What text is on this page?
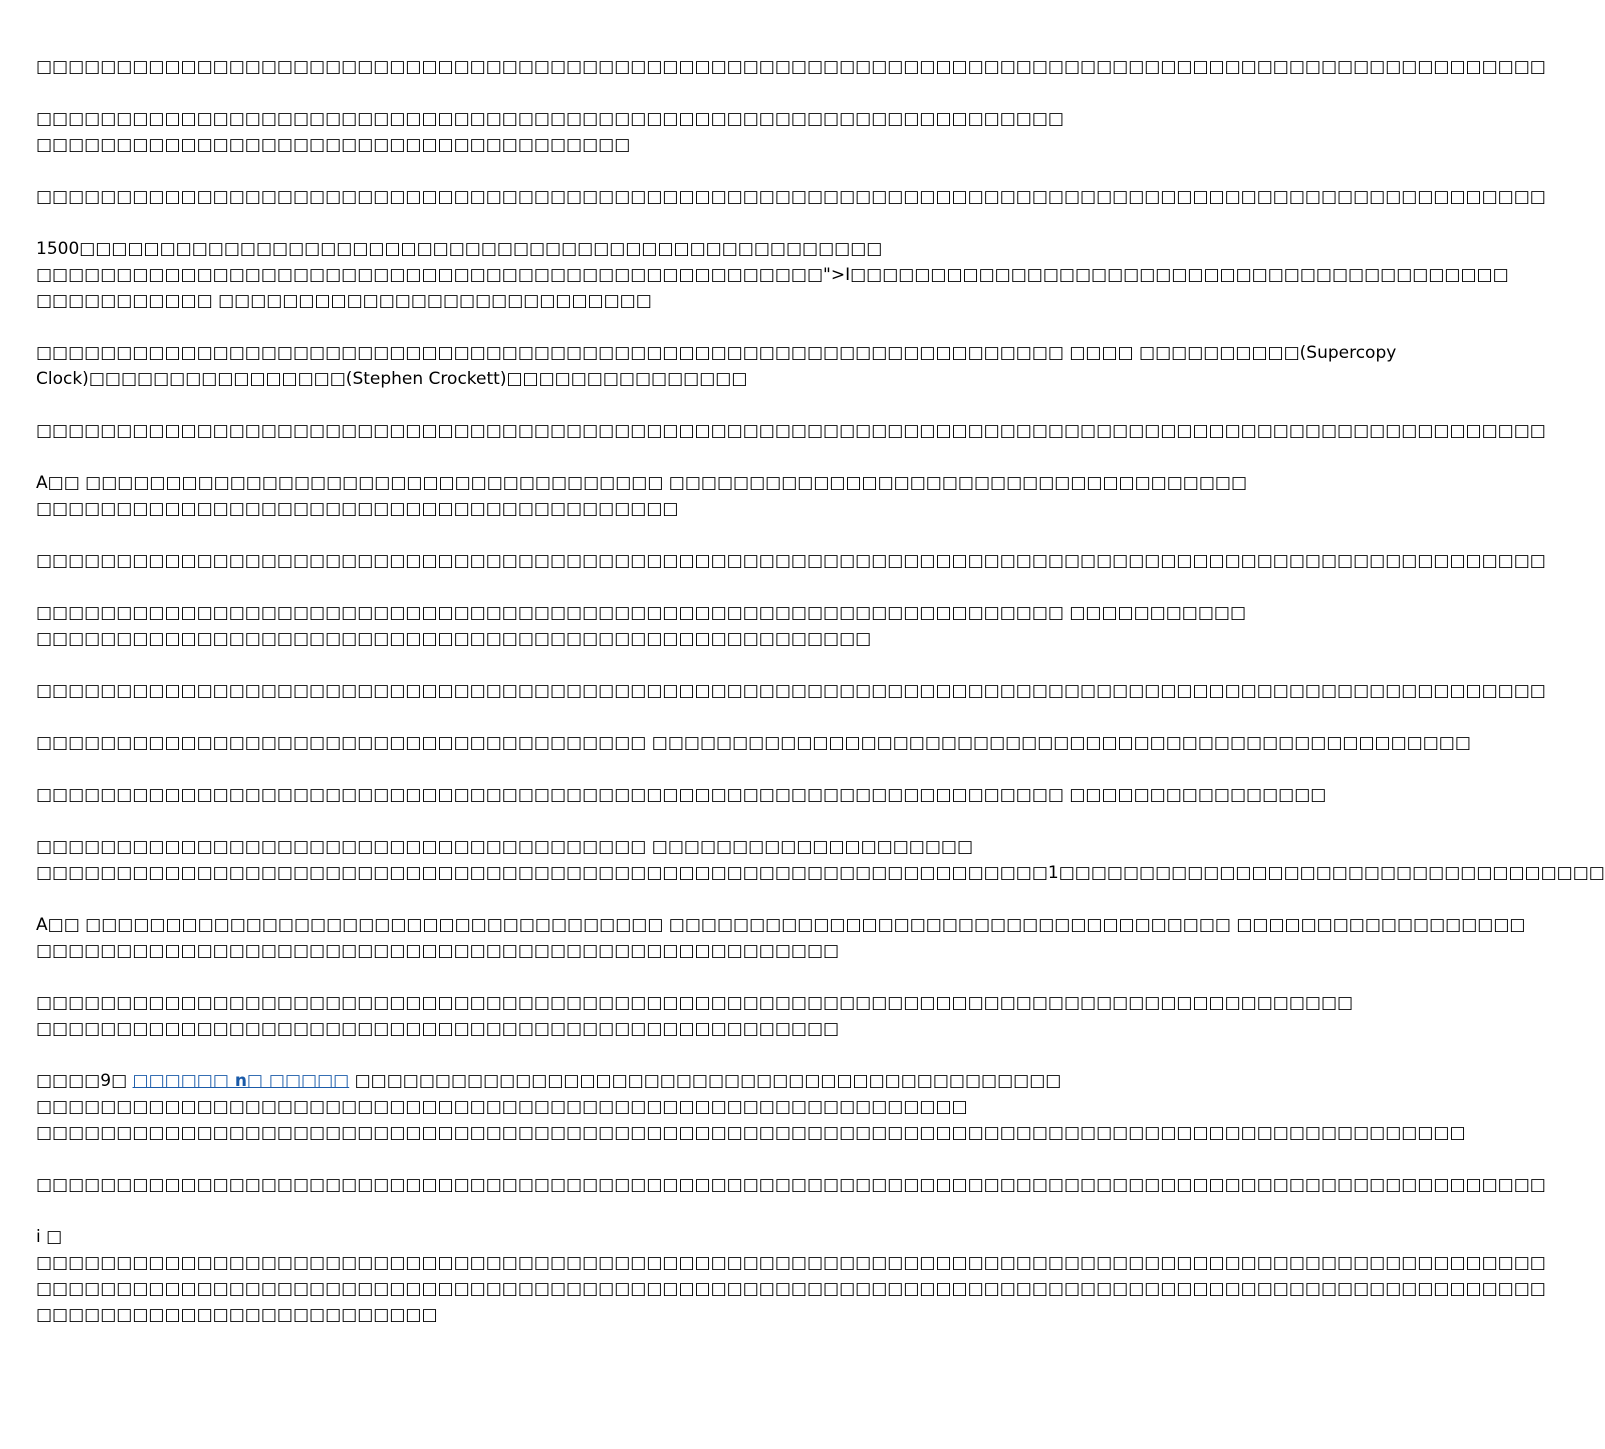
□□□□□□□□□□□□□□□□□□□□□□□□□□□□□□□□□□□□□□□□□□□□□□□□□□□□□□□□□□□□□□□□□□□□□□□□□□□□□□□□□□□□□□□□□□□□□□
□□□□□□□□□□□□□□□□□□□□□□□□□□□□□□□□□□□□□□□□□□□□□□□□□□□□□□□□□□□□□□□□
□□□□□□□□□□□□□□□□□□□□□□□□□□□□□□□□□□□□□
□□□□□□□□□□□□□□□□□□□□□□□□□□□□□□□□□□□□□□□□□□□□□□□□□□□□□□□□□□□□□□□□□□□□□□□□□□□□□□□□□□□□□□□□□□□□□□
1500□□□□□□□□□□□□□□□□□□□□□□□□□□□□□□□□□□□□□□□□□□□□□□□□□□
□□□□□□□□□□□□□□□□□□□□□□□□□□□□□□□□□□□□□□□□□□□□□□□□□">I□□□□□□□□□□□□□□□□□□□□□□□□□□□□□□□□□□□□□□□□□
□□□□□□□□□□□ □□□□□□□□□□□□□□□□□□□□□□□□□□□
□□□□□□□□□□□□□□□□□□□□□□□□□□□□□□□□□□□□□□□□□□□□□□□□□□□□□□□□□□□□□□□□ □□□□ □□□□□□□□□□(Supercopy
Clock)□□□□□□□□□□□□□□□□(Stephen Crockett)□□□□□□□□□□□□□□□
□□□□□□□□□□□□□□□□□□□□□□□□□□□□□□□□□□□□□□□□□□□□□□□□□□□□□□□□□□□□□□□□□□□□□□□□□□□□□□□□□□□□□□□□□□□□□□
A□□ □□□□□□□□□□□□□□□□□□□□□□□□□□□□□□□□□□□□ □□□□□□□□□□□□□□□□□□□□□□□□□□□□□□□□□□□□
□□□□□□□□□□□□□□□□□□□□□□□□□□□□□□□□□□□□□□□□
□□□□□□□□□□□□□□□□□□□□□□□□□□□□□□□□□□□□□□□□□□□□□□□□□□□□□□□□□□□□□□□□□□□□□□□□□□□□□□□□□□□□□□□□□□□□□□
□□□□□□□□□□□□□□□□□□□□□□□□□□□□□□□□□□□□□□□□□□□□□□□□□□□□□□□□□□□□□□□□ □□□□□□□□□□□
□□□□□□□□□□□□□□□□□□□□□□□□□□□□□□□□□□□□□□□□□□□□□□□□□□□□
□□□□□□□□□□□□□□□□□□□□□□□□□□□□□□□□□□□□□□□□□□□□□□□□□□□□□□□□□□□□□□□□□□□□□□□□□□□□□□□□□□□□□□□□□□□□□□
□□□□□□□□□□□□□□□□□□□□□□□□□□□□□□□□□□□□□□ □□□□□□□□□□□□□□□□□□□□□□□□□□□□□□□□□□□□□□□□□□□□□□□□□□□
□□□□□□□□□□□□□□□□□□□□□□□□□□□□□□□□□□□□□□□□□□□□□□□□□□□□□□□□□□□□□□□□ □□□□□□□□□□□□□□□□
□□□□□□□□□□□□□□□□□□□□□□□□□□□□□□□□□□□□□□ □□□□□□□□□□□□□□□□□□□□
□□□□□□□□□□□□□□□□□□□□□□□□□□□□□□□□□□□□□□□□□□□□□□□□□□□□□□□□□□□□□□□1□□□□□□□□□□□□□□□□□□□□□□□□□□□□□□□□□□
A□□ □□□□□□□□□□□□□□□□□□□□□□□□□□□□□□□□□□□□ □□□□□□□□□□□□□□□□□□□□□□□□□□□□□□□□□□□ □□□□□□□□□□□□□□□□□□
□□□□□□□□□□□□□□□□□□□□□□□□□□□□□□□□□□□□□□□□□□□□□□□□□□
□□□□□□□□□□□□□□□□□□□□□□□□□□□□□□□□□□□□□□□□□□□□□□□□□□□□□□□□□□□□□□□□□□□□□□□□□□□□□□□□□□
□□□□□□□□□□□□□□□□□□□□□□□□□□□□□□□□□□□□□□□□□□□□□□□□□□
□□□□9□ □□□□□□ n□ □□□□□ □□□□□□□□□□□□□□□□□□□□□□□□□□□□□□□□□□□□□□□□□□□□
□□□□□□□□□□□□□□□□□□□□□□□□□□□□□□□□□□□□□□□□□□□□□□□□□□□□□□□□□□
□□□□□□□□□□□□□□□□□□□□□□□□□□□□□□□□□□□□□□□□□□□□□□□□□□□□□□□□□□□□□□□□□□□□□□□□□□□□□□□□□□□□□□□□□
□□□□□□□□□□□□□□□□□□□□□□□□□□□□□□□□□□□□□□□□□□□□□□□□□□□□□□□□□□□□□□□□□□□□□□□□□□□□□□□□□□□□□□□□□□□□□□
i □
□□□□□□□□□□□□□□□□□□□□□□□□□□□□□□□□□□□□□□□□□□□□□□□□□□□□□□□□□□□□□□□□□□□□□□□□□□□□□□□□□□□□□□□□□□□□□□
□□□□□□□□□□□□□□□□□□□□□□□□□□□□□□□□□□□□□□□□□□□□□□□□□□□□□□□□□□□□□□□□□□□□□□□□□□□□□□□□□□□□□□□□□□□□□□
□□□□□□□□□□□□□□□□□□□□□□□□□
